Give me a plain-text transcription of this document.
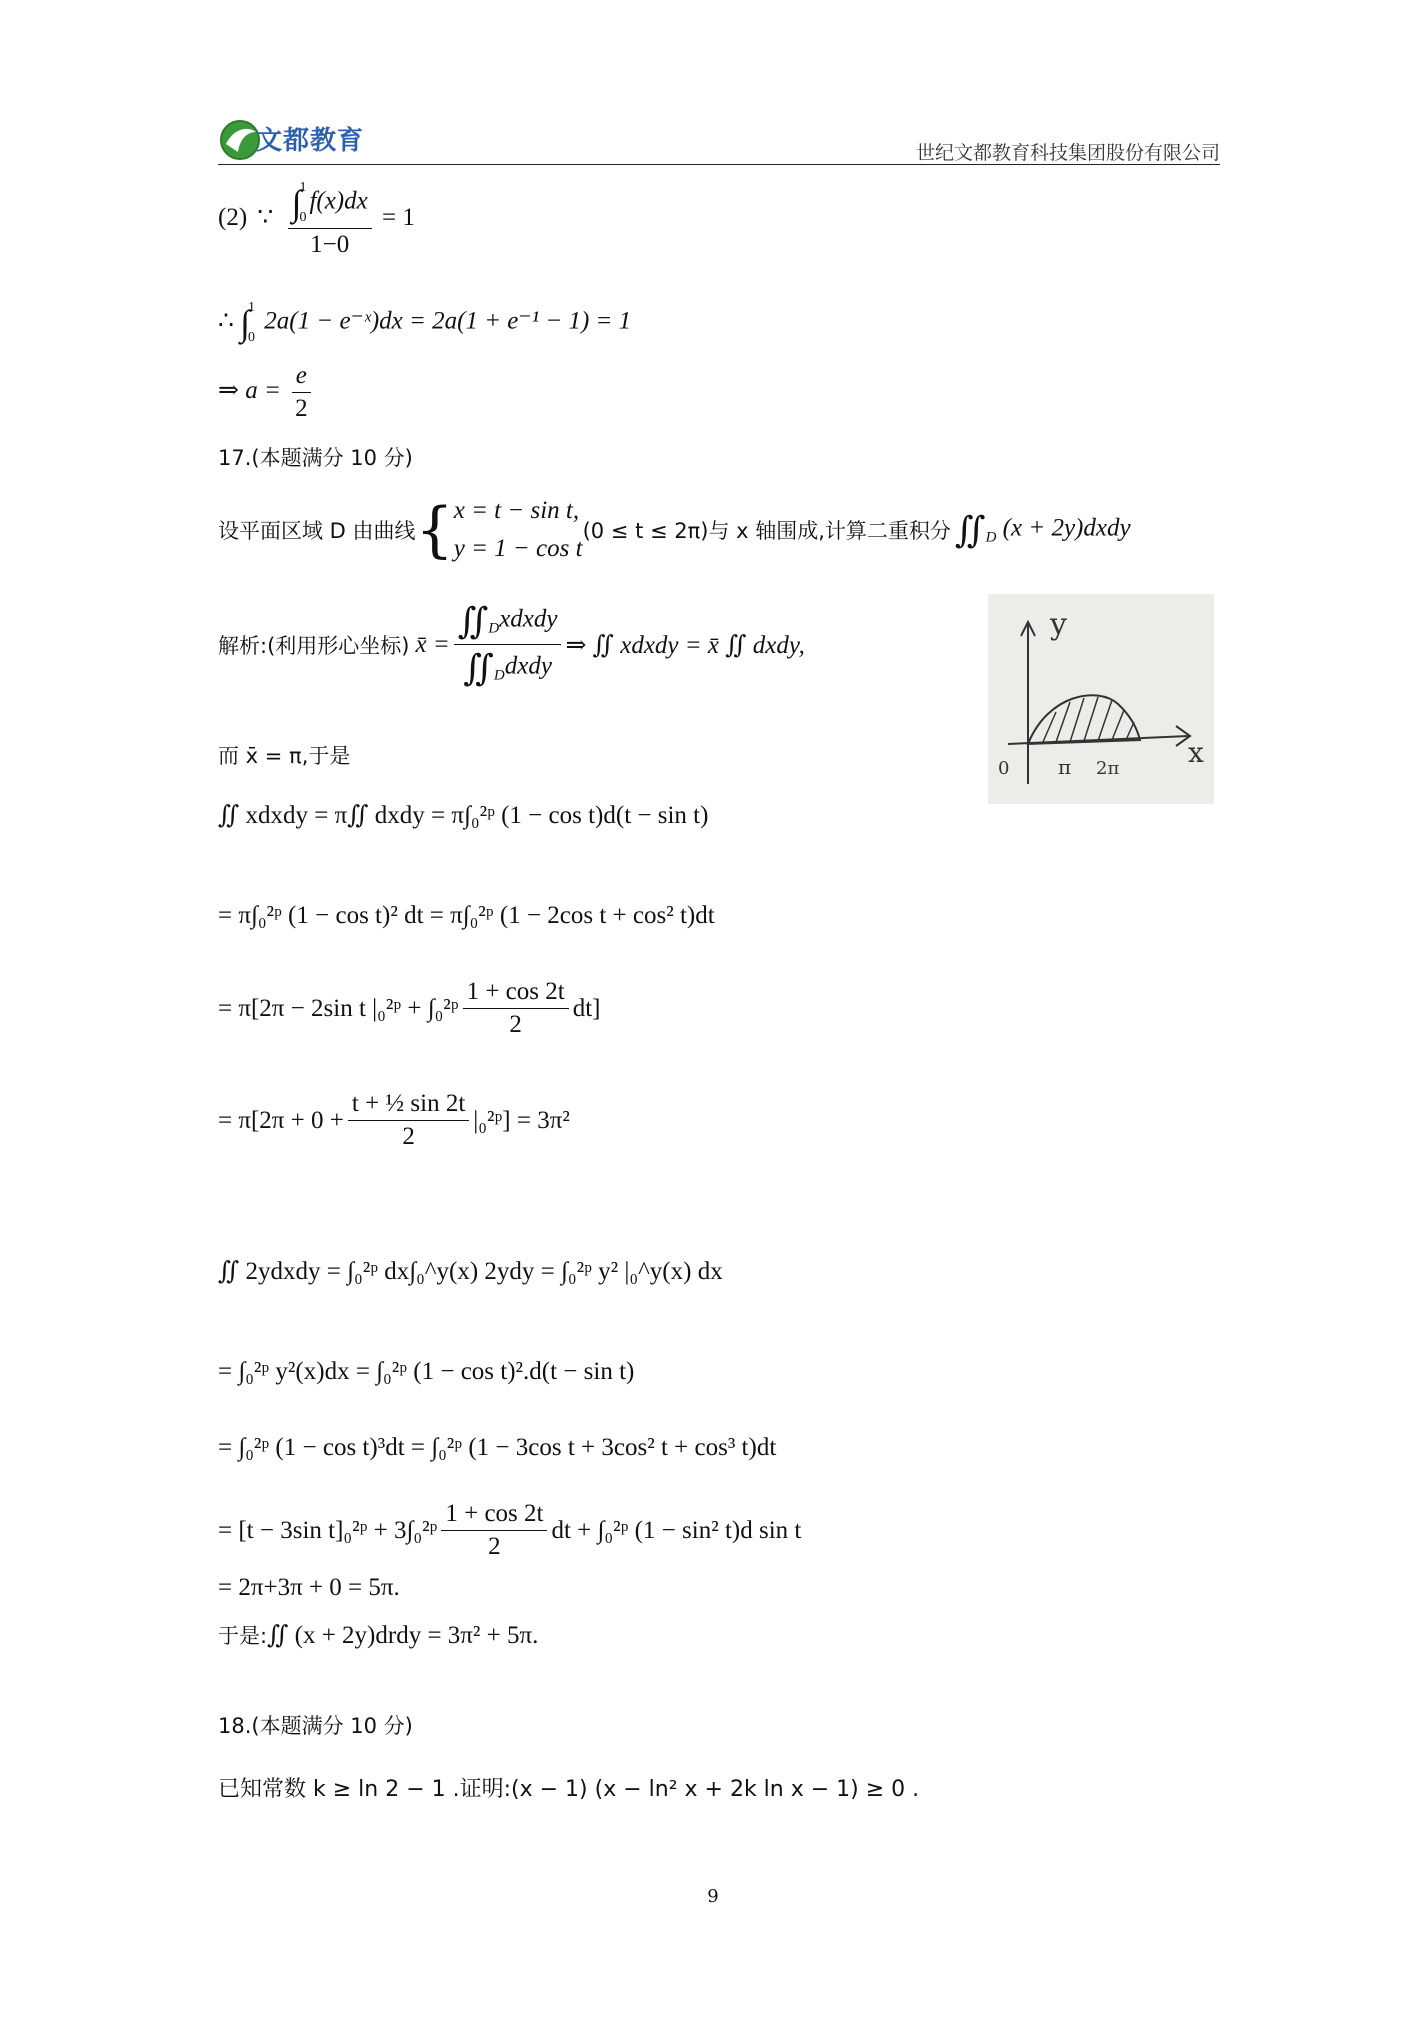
文都教育	世纪文都教育科技集团股份有限公司
(2) ∵ ∫
1
0
f(x)dx
1−0 = 1
∴ ∫
1
0
2a(1 − e⁻ˣ)dx = 2a(1 + e⁻¹ − 1) = 1
⇒ $a = \frac{e}{2}$
17.(本题满分 10 分)
设平面区域 D 由曲线 { x = t − sin t,
y = 1 − cos t
(0 ≤ t ≤ 2π)与 x 轴围成,计算二重积分 $∬_D$ (x + 2y)dxdy
解析:(利用形心坐标) x̄ = $\frac{∬_Dxdxdy}{∬_Ddxdy}$ ⇒ ∬ xdxdy = x̄ ∬ dxdy,
而 x̄ = π,于是
y
x
0 π 2π
∬ xdxdy = π∬ dxdy = π∫₀²ᵖ (1 − cos t)d(t − sin t)
= π∫₀²ᵖ (1 − cos t)² dt = π∫₀²ᵖ (1 − 2cos t + cos² t)dt
= π[2π − 2sin t |₀²ᵖ + ∫₀²ᵖ $\frac{1 + \cos 2t}{2} dt$]
= $\pi[2\pi + 0 + \frac{\text{t + ½ sin 2t}}{2}$ |₀²ᵖ] = 3π²
∬ 2ydxdy = ∫₀²ᵖ dx∫₀^y(x) 2ydy = ∫₀²ᵖ y² |₀^y(x) dx
= ∫₀²ᵖ y²(x)dx = ∫₀²ᵖ (1 − cos t)².d(t − sin t)
= ∫₀²ᵖ (1 − cos t)³dt = ∫₀²ᵖ (1 − 3cos t + 3cos² t + cos³ t)dt
= [t − 3sin t]₀²ᵖ + 3∫₀²ᵖ $\frac{1 + \cos 2t}{2}$ dt + ∫₀²ᵖ (1 − sin² t)d sin t
= 2π+3π + 0 = 5π.
于是: ∬ (x + 2y)drdy = 3π² + 5π.
18.(本题满分 10 分)
已知常数 k ≥ ln 2 − 1 .证明:(x − 1) (x − ln² x + 2k ln x − 1) ≥ 0 .
9
